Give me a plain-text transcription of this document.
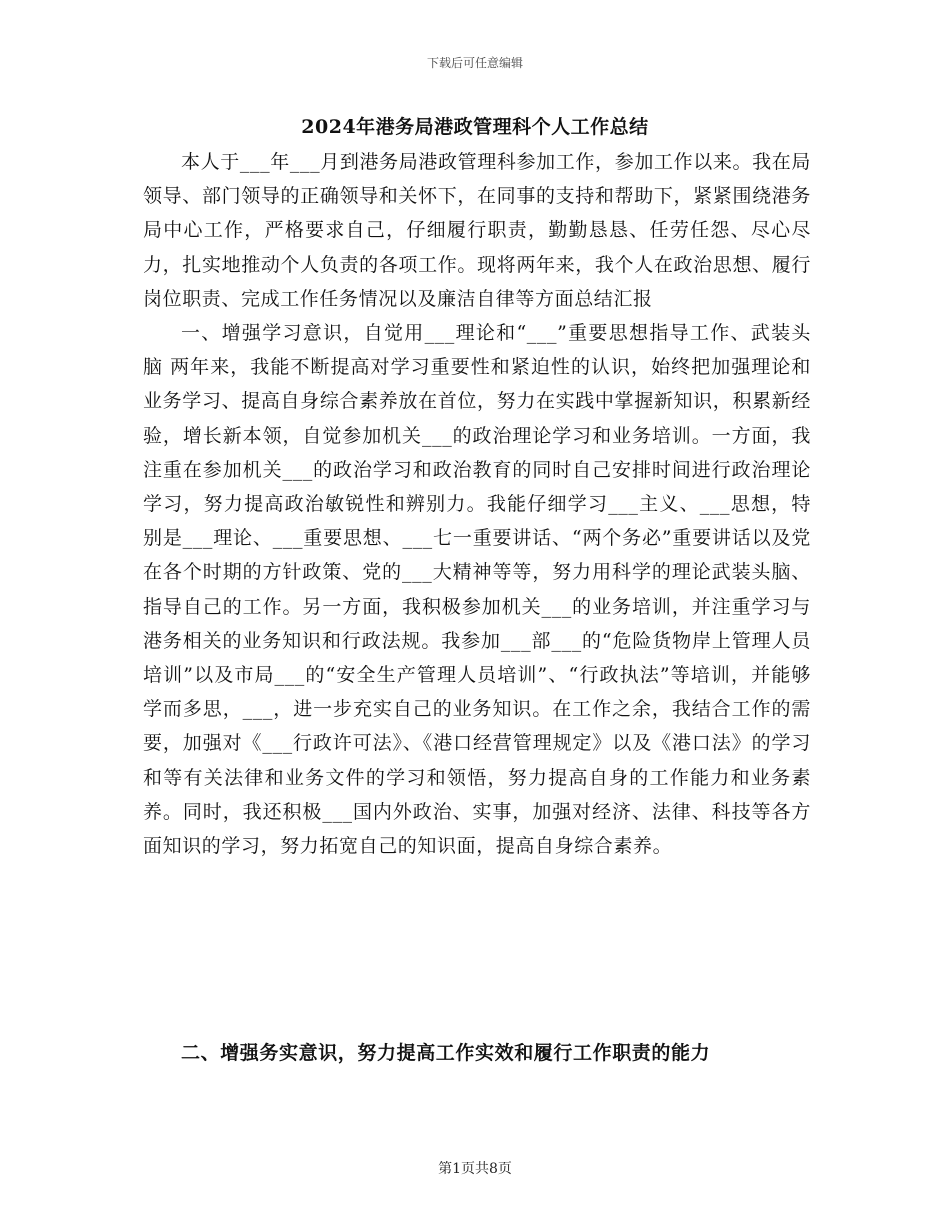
下载后可任意编辑
2024年港务局港政管理科个人工作总结

本人于___年___月到港务局港政管理科参加工作，参加工作以来。我在局领导、部门领导的正确领导和关怀下，在同事的支持和帮助下，紧紧围绕港务局中心工作，严格要求自己，仔细履行职责，勤勤恳恳、任劳任怨、尽心尽力，扎实地推动个人负责的各项工作。现将两年来，我个人在政治思想、履行岗位职责、完成工作任务情况以及廉洁自律等方面总结汇报

一、增强学习意识，自觉用___理论和“___”重要思想指导工作、武装头脑 两年来，我能不断提高对学习重要性和紧迫性的认识，始终把加强理论和业务学习、提高自身综合素养放在首位，努力在实践中掌握新知识，积累新经验，增长新本领，自觉参加机关___的政治理论学习和业务培训。一方面，我注重在参加机关___的政治学习和政治教育的同时自己安排时间进行政治理论学习，努力提高政治敏锐性和辨别力。我能仔细学习___主义、___思想，特别是___理论、___重要思想、___七一重要讲话、“两个务必”重要讲话以及党在各个时期的方针政策、党的___大精神等等，努力用科学的理论武装头脑、指导自己的工作。另一方面，我积极参加机关___的业务培训，并注重学习与港务相关的业务知识和行政法规。我参加___部___的“危险货物岸上管理人员培训”以及市局___的“安全生产管理人员培训”、“行政执法”等培训，并能够学而多思，___，进一步充实自己的业务知识。在工作之余，我结合工作的需要，加强对《___行政许可法》、《港口经营管理规定》以及《港口法》的学习和等有关法律和业务文件的学习和领悟，努力提高自身的工作能力和业务素养。同时，我还积极___国内外政治、实事，加强对经济、法律、科技等各方面知识的学习，努力拓宽自己的知识面，提高自身综合素养。

二、增强务实意识，努力提高工作实效和履行工作职责的能力
第1页共8页
